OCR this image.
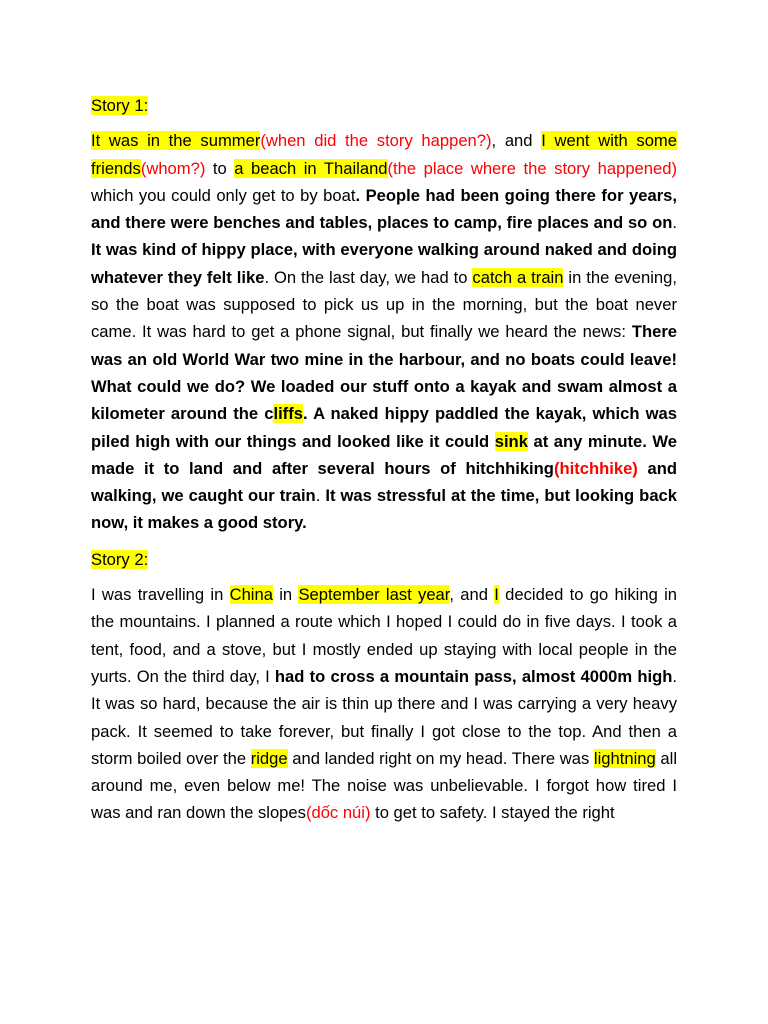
Story 1:

It was in the summer(when did the story happen?), and I went with some friends(whom?) to a beach in Thailand(the place where the story happened) which you could only get to by boat. People had been going there for years, and there were benches and tables, places to camp, fire places and so on. It was kind of hippy place, with everyone walking around naked and doing whatever they felt like. On the last day, we had to catch a train in the evening, so the boat was supposed to pick us up in the morning, but the boat never came. It was hard to get a phone signal, but finally we heard the news: There was an old World War two mine in the harbour, and no boats could leave! What could we do? We loaded our stuff onto a kayak and swam almost a kilometer around the cliffs. A naked hippy paddled the kayak, which was piled high with our things and looked like it could sink at any minute. We made it to land and after several hours of hitchhiking(hitchhike) and walking, we caught our train. It was stressful at the time, but looking back now, it makes a good story.

Story 2:

I was travelling in China in September last year, and I decided to go hiking in the mountains. I planned a route which I hoped I could do in five days. I took a tent, food, and a stove, but I mostly ended up staying with local people in the yurts. On the third day, I had to cross a mountain pass, almost 4000m high. It was so hard, because the air is thin up there and I was carrying a very heavy pack. It seemed to take forever, but finally I got close to the top. And then a storm boiled over the ridge and landed right on my head. There was lightning all around me, even below me! The noise was unbelievable. I forgot how tired I was and ran down the slopes(dốc núi) to get to safety. I stayed the right
